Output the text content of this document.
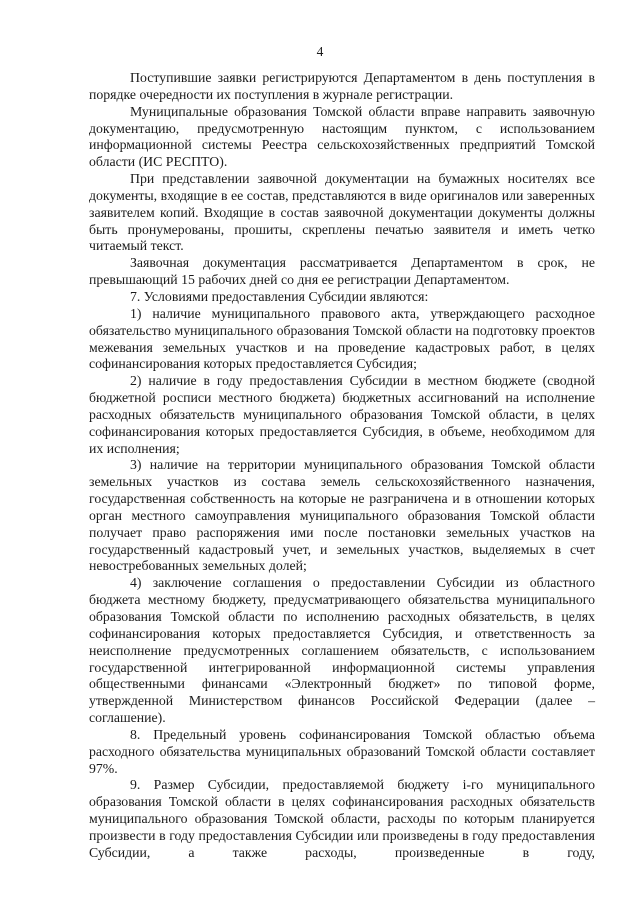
4

Поступившие заявки регистрируются Департаментом в день поступления в порядке очередности их поступления в журнале регистрации.

Муниципальные образования Томской области вправе направить заявочную документацию, предусмотренную настоящим пунктом, с использованием информационной системы Реестра сельскохозяйственных предприятий Томской области (ИС РЕСПТО).

При представлении заявочной документации на бумажных носителях все документы, входящие в ее состав, представляются в виде оригиналов или заверенных заявителем копий. Входящие в состав заявочной документации документы должны быть пронумерованы, прошиты, скреплены печатью заявителя и иметь четко читаемый текст.

Заявочная документация рассматривается Департаментом в срок, не превышающий 15 рабочих дней со дня ее регистрации Департаментом.

7. Условиями предоставления Субсидии являются:

1) наличие муниципального правового акта, утверждающего расходное обязательство муниципального образования Томской области на подготовку проектов межевания земельных участков и на проведение кадастровых работ, в целях софинансирования которых предоставляется Субсидия;

2) наличие в году предоставления Субсидии в местном бюджете (сводной бюджетной росписи местного бюджета) бюджетных ассигнований на исполнение расходных обязательств муниципального образования Томской области, в целях софинансирования которых предоставляется Субсидия, в объеме, необходимом для их исполнения;

3) наличие на территории муниципального образования Томской области земельных участков из состава земель сельскохозяйственного назначения, государственная собственность на которые не разграничена и в отношении которых орган местного самоуправления муниципального образования Томской области получает право распоряжения ими после постановки земельных участков на государственный кадастровый учет, и земельных участков, выделяемых в счет невостребованных земельных долей;

4) заключение соглашения о предоставлении Субсидии из областного бюджета местному бюджету, предусматривающего обязательства муниципального образования Томской области по исполнению расходных обязательств, в целях софинансирования которых предоставляется Субсидия, и ответственность за неисполнение предусмотренных соглашением обязательств, с использованием государственной интегрированной информационной системы управления общественными финансами «Электронный бюджет» по типовой форме, утвержденной Министерством финансов Российской Федерации (далее – соглашение).

8. Предельный уровень софинансирования Томской областью объема расходного обязательства муниципальных образований Томской области составляет 97%.

9. Размер Субсидии, предоставляемой бюджету i-го муниципального образования Томской области в целях софинансирования расходных обязательств муниципального образования Томской области, расходы по которым планируется произвести в году предоставления Субсидии или произведены в году предоставления Субсидии, а также расходы, произведенные в году,
